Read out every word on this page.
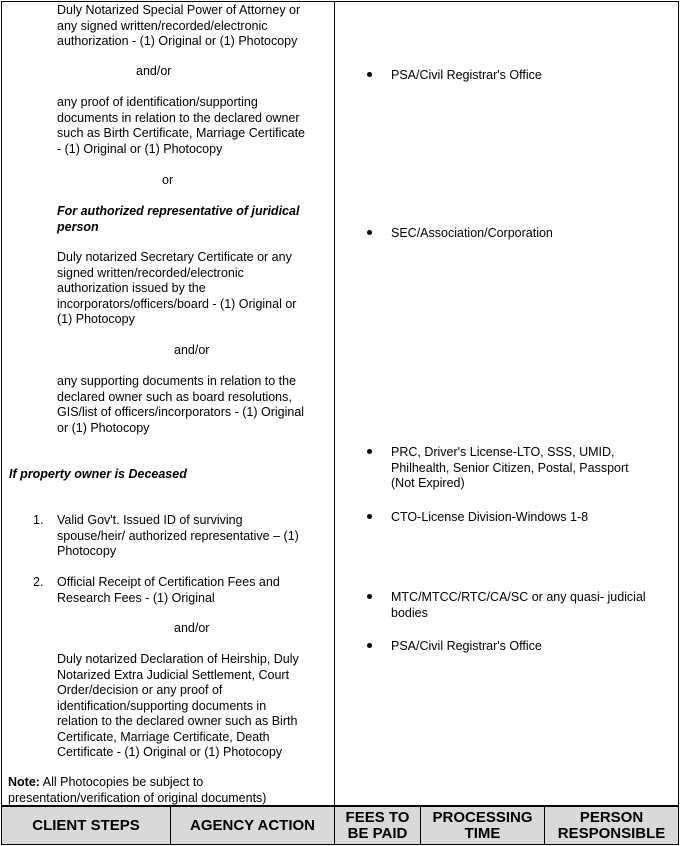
Duly Notarized Special Power of Attorney or
any signed written/recorded/electronic
authorization - (1) Original or (1) Photocopy
and/or
any proof of identification/supporting
documents in relation to the declared owner
such as Birth Certificate, Marriage Certificate
- (1) Original or (1) Photocopy
or
For authorized representative of juridical
person
Duly notarized Secretary Certificate or any
signed written/recorded/electronic
authorization issued by the
incorporators/officers/board - (1) Original or
(1) Photocopy
and/or
any supporting documents in relation to the
declared owner such as board resolutions,
GIS/list of officers/incorporators - (1) Original
or (1) Photocopy
If property owner is Deceased
1. Valid Gov't. Issued ID of surviving
spouse/heir/ authorized representative – (1)
Photocopy
2. Official Receipt of Certification Fees and
Research Fees - (1) Original
and/or
Duly notarized Declaration of Heirship, Duly
Notarized Extra Judicial Settlement, Court
Order/decision or any proof of
identification/supporting documents in
relation to the declared owner such as Birth
Certificate, Marriage Certificate, Death
Certificate - (1) Original or (1) Photocopy
Note: All Photocopies be subject to
presentation/verification of original documents)
PSA/Civil Registrar's Office
SEC/Association/Corporation
PRC, Driver's License-LTO, SSS, UMID,
Philhealth, Senior Citizen, Postal, Passport
(Not Expired)
CTO-License Division-Windows 1-8
MTC/MTCC/RTC/CA/SC or any quasi- judicial
bodies
PSA/Civil Registrar's Office
CLIENT STEPS	AGENCY ACTION	FEES TO
BE PAID
PROCESSING
TIME
PERSON
RESPONSIBLE
